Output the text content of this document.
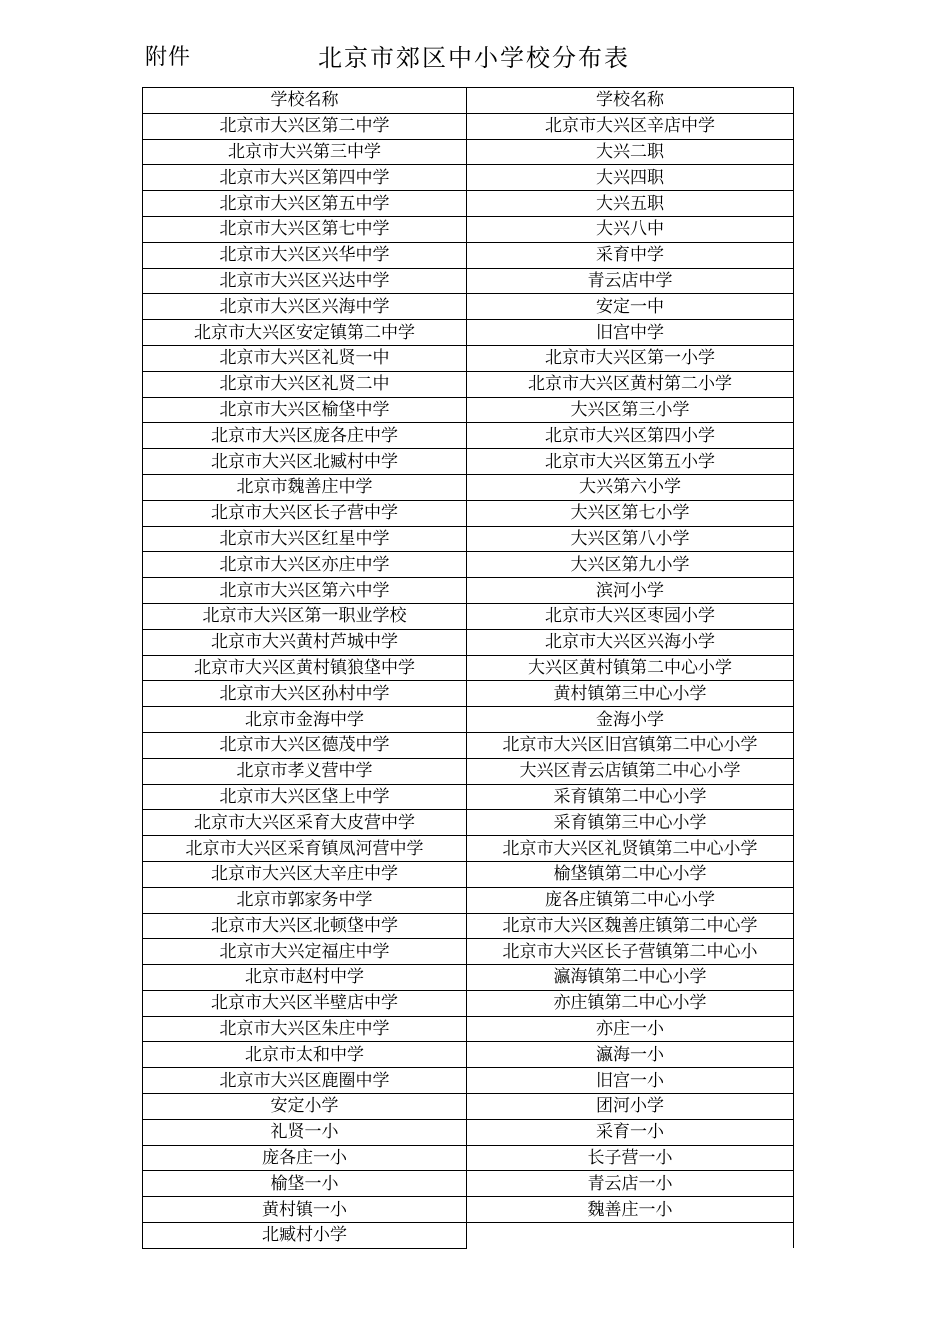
附件	北京市郊区中小学校分布表
学校名称	学校名称
北京市大兴区第二中学	北京市大兴区辛店中学
北京市大兴第三中学	大兴二职
北京市大兴区第四中学	大兴四职
北京市大兴区第五中学	大兴五职
北京市大兴区第七中学	大兴八中
北京市大兴区兴华中学	采育中学
北京市大兴区兴达中学	青云店中学
北京市大兴区兴海中学	安定一中
北京市大兴区安定镇第二中学	旧宫中学
北京市大兴区礼贤一中	北京市大兴区第一小学
北京市大兴区礼贤二中	北京市大兴区黄村第二小学
北京市大兴区榆垡中学	大兴区第三小学
北京市大兴区庞各庄中学	北京市大兴区第四小学
北京市大兴区北臧村中学	北京市大兴区第五小学
北京市魏善庄中学	大兴第六小学
北京市大兴区长子营中学	大兴区第七小学
北京市大兴区红星中学	大兴区第八小学
北京市大兴区亦庄中学	大兴区第九小学
北京市大兴区第六中学	滨河小学
北京市大兴区第一职业学校	北京市大兴区枣园小学
北京市大兴黄村芦城中学	北京市大兴区兴海小学
北京市大兴区黄村镇狼垡中学	大兴区黄村镇第二中心小学
北京市大兴区孙村中学	黄村镇第三中心小学
北京市金海中学	金海小学
北京市大兴区德茂中学	北京市大兴区旧宫镇第二中心小学
北京市孝义营中学	大兴区青云店镇第二中心小学
北京市大兴区垡上中学	采育镇第二中心小学
北京市大兴区采育大皮营中学	采育镇第三中心小学
北京市大兴区采育镇凤河营中学	北京市大兴区礼贤镇第二中心小学
北京市大兴区大辛庄中学	榆垡镇第二中心小学
北京市郭家务中学	庞各庄镇第二中心小学
北京市大兴区北顿垡中学	北京市大兴区魏善庄镇第二中心学
北京市大兴定福庄中学	北京市大兴区长子营镇第二中心小
北京市赵村中学	瀛海镇第二中心小学
北京市大兴区半壁店中学	亦庄镇第二中心小学
北京市大兴区朱庄中学	亦庄一小
北京市太和中学	瀛海一小
北京市大兴区鹿圈中学	旧宫一小
安定小学	团河小学
礼贤一小	采育一小
庞各庄一小	长子营一小
榆垡一小	青云店一小
黄村镇一小	魏善庄一小
北臧村小学	
